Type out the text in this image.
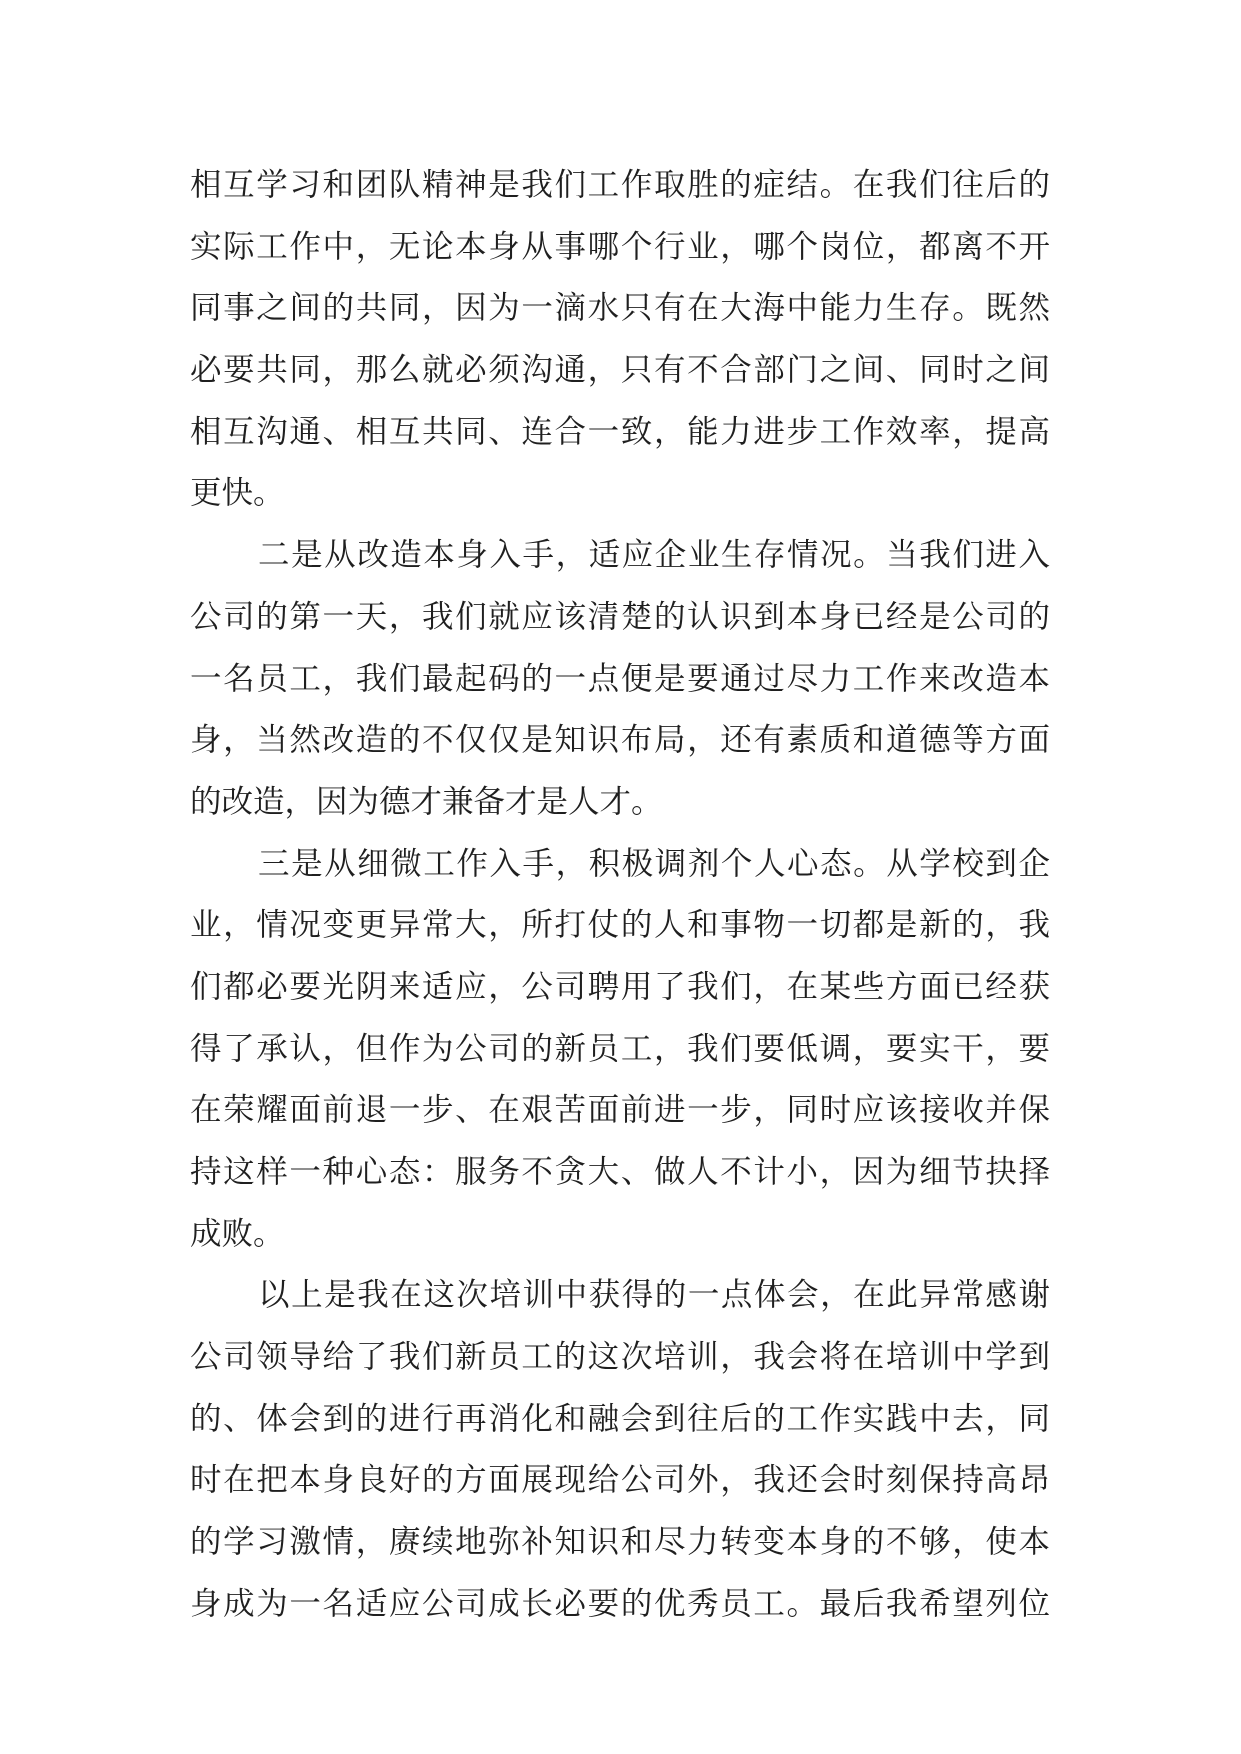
相互学习和团队精神是我们工作取胜的症结。在我们往后的
实际工作中，无论本身从事哪个行业，哪个岗位，都离不开
同事之间的共同，因为一滴水只有在大海中能力生存。既然
必要共同，那么就必须沟通，只有不合部门之间、同时之间
相互沟通、相互共同、连合一致，能力进步工作效率，提高
更快。
二是从改造本身入手，适应企业生存情况。当我们进入
公司的第一天，我们就应该清楚的认识到本身已经是公司的
一名员工，我们最起码的一点便是要通过尽力工作来改造本
身，当然改造的不仅仅是知识布局，还有素质和道德等方面
的改造，因为德才兼备才是人才。
三是从细微工作入手，积极调剂个人心态。从学校到企
业，情况变更异常大，所打仗的人和事物一切都是新的，我
们都必要光阴来适应，公司聘用了我们，在某些方面已经获
得了承认，但作为公司的新员工，我们要低调，要实干，要
在荣耀面前退一步、在艰苦面前进一步，同时应该接收并保
持这样一种心态：服务不贪大、做人不计小，因为细节抉择
成败。
以上是我在这次培训中获得的一点体会，在此异常感谢
公司领导给了我们新员工的这次培训，我会将在培训中学到
的、体会到的进行再消化和融会到往后的工作实践中去，同
时在把本身良好的方面展现给公司外，我还会时刻保持高昂
的学习激情，赓续地弥补知识和尽力转变本身的不够，使本
身成为一名适应公司成长必要的优秀员工。最后我希望列位
